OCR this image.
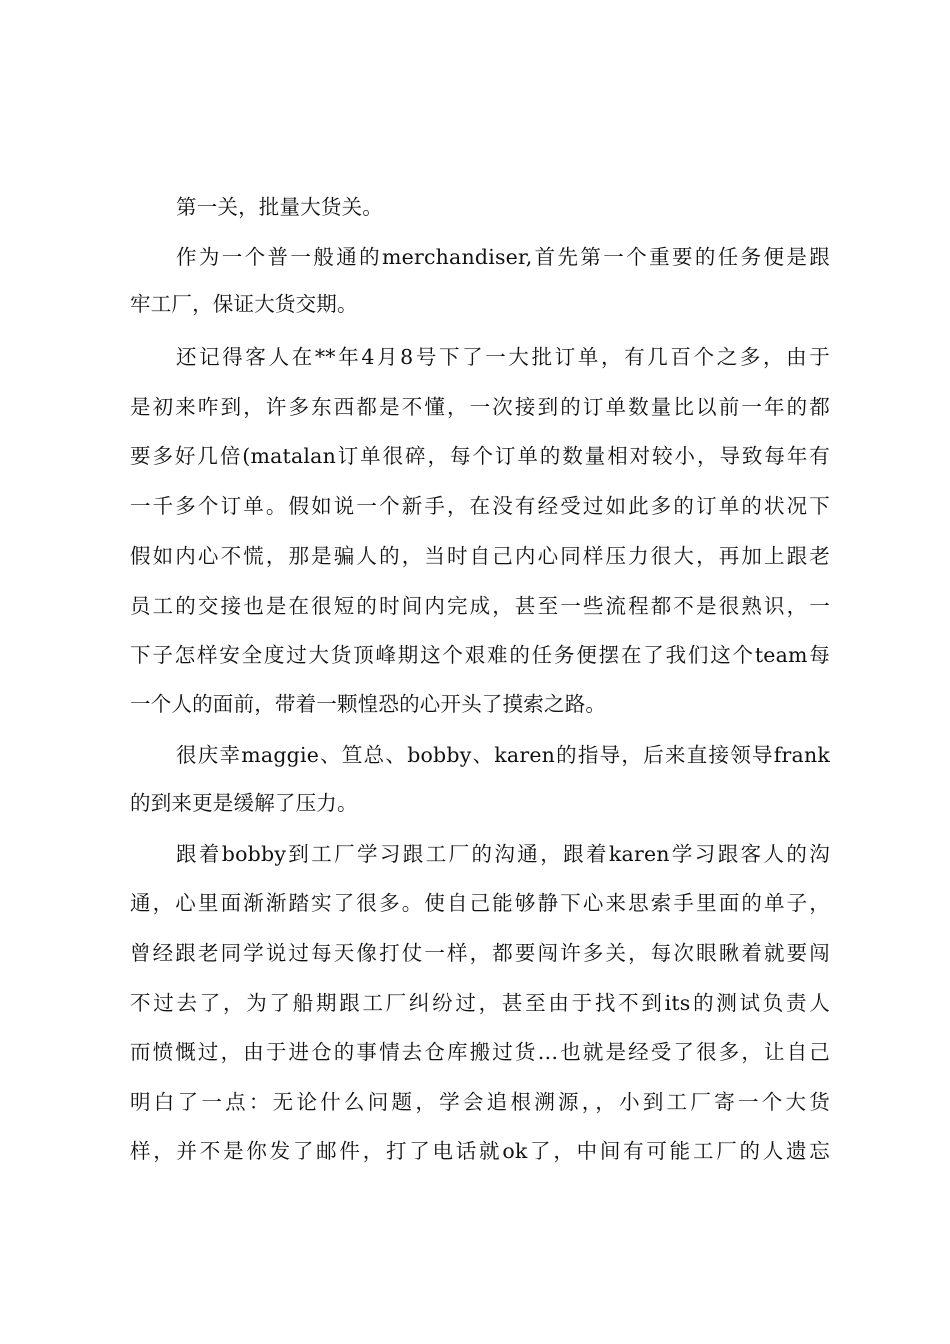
第一关，批量大货关。
作为一个普一般通的merchandiser,首先第一个重要的任务便是跟
牢工厂，保证大货交期。
还记得客人在**年4月8号下了一大批订单，有几百个之多，由于
是初来咋到，许多东西都是不懂，一次接到的订单数量比以前一年的都
要多好几倍(matalan订单很碎，每个订单的数量相对较小，导致每年有
一千多个订单。假如说一个新手，在没有经受过如此多的订单的状况下
假如内心不慌，那是骗人的，当时自己内心同样压力很大，再加上跟老
员工的交接也是在很短的时间内完成，甚至一些流程都不是很熟识，一
下子怎样安全度过大货顶峰期这个艰难的任务便摆在了我们这个team每
一个人的面前，带着一颗惶恐的心开头了摸索之路。
很庆幸maggie、笪总、bobby、karen的指导，后来直接领导frank
的到来更是缓解了压力。
跟着bobby到工厂学习跟工厂的沟通，跟着karen学习跟客人的沟
通，心里面渐渐踏实了很多。使自己能够静下心来思索手里面的单子，
曾经跟老同学说过每天像打仗一样，都要闯许多关，每次眼瞅着就要闯
不过去了，为了船期跟工厂纠纷过，甚至由于找不到its的测试负责人
而愤慨过，由于进仓的事情去仓库搬过货…也就是经受了很多，让自己
明白了一点：无论什么问题，学会追根溯源，，小到工厂寄一个大货
样，并不是你发了邮件，打了电话就ok了，中间有可能工厂的人遗忘
